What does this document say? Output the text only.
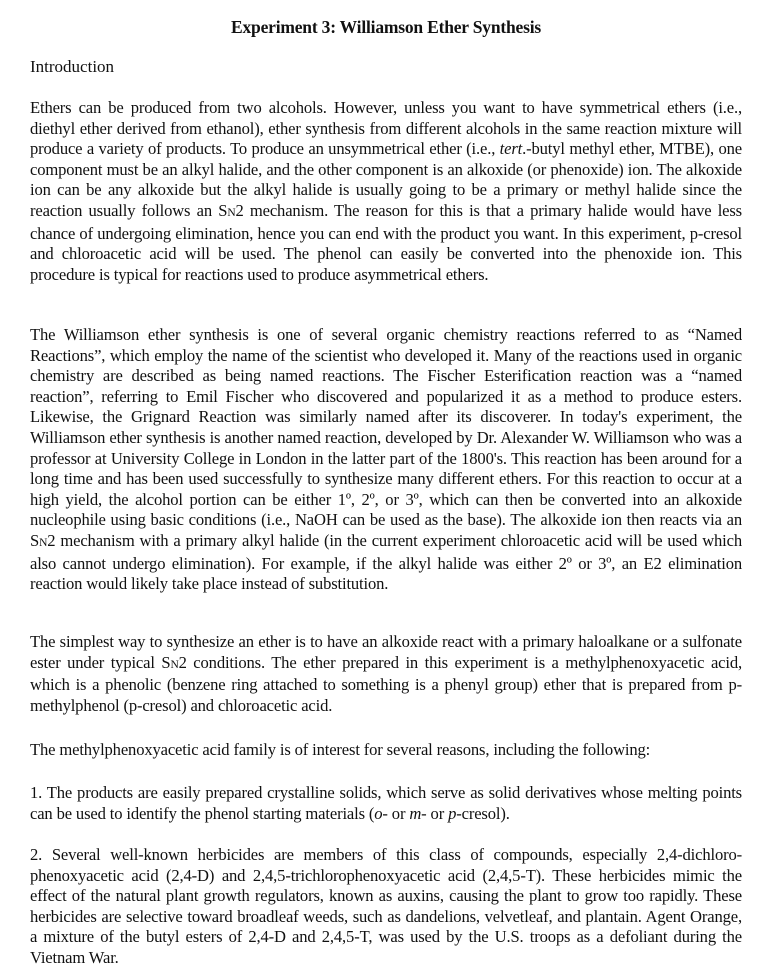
Experiment 3: Williamson Ether Synthesis
Introduction

Ethers can be produced from two alcohols. However, unless you want to have symmetrical ethers (i.e., diethyl ether derived from ethanol), ether synthesis from different alcohols in the same reaction mixture will produce a variety of products. To produce an unsymmetrical ether (i.e., tert.-butyl methyl ether, MTBE), one component must be an alkyl halide, and the other component is an alkoxide (or phenoxide) ion. The alkoxide ion can be any alkoxide but the alkyl halide is usually going to be a primary or methyl halide since the reaction usually follows an SN2 mechanism. The reason for this is that a primary halide would have less chance of undergoing elimination, hence you can end with the product you want. In this experiment, p-cresol and chloroacetic acid will be used. The phenol can easily be converted into the phenoxide ion. This procedure is typical for reactions used to produce asymmetrical ethers.

The Williamson ether synthesis is one of several organic chemistry reactions referred to as “Named Reactions”, which employ the name of the scientist who developed it. Many of the reactions used in organic chemistry are described as being named reactions. The Fischer Esterification reaction was a “named reaction”, referring to Emil Fischer who discovered and popularized it as a method to produce esters. Likewise, the Grignard Reaction was similarly named after its discoverer. In today's experiment, the Williamson ether synthesis is another named reaction, developed by Dr. Alexander W. Williamson who was a professor at University College in London in the latter part of the 1800's. This reaction has been around for a long time and has been used successfully to synthesize many different ethers. For this reaction to occur at a high yield, the alcohol portion can be either 1º, 2º, or 3º, which can then be converted into an alkoxide nucleophile using basic conditions (i.e., NaOH can be used as the base). The alkoxide ion then reacts via an SN2 mechanism with a primary alkyl halide (in the current experiment chloroacetic acid will be used which also cannot undergo elimination). For example, if the alkyl halide was either 2º or 3º, an E2 elimination reaction would likely take place instead of substitution.

The simplest way to synthesize an ether is to have an alkoxide react with a primary haloalkane or a sulfonate ester under typical SN2 conditions. The ether prepared in this experiment is a methylphenoxyacetic acid, which is a phenolic (benzene ring attached to something is a phenyl group) ether that is prepared from p-methylphenol (p-cresol) and chloroacetic acid.

The methylphenoxyacetic acid family is of interest for several reasons, including the following:

1. The products are easily prepared crystalline solids, which serve as solid derivatives whose melting points can be used to identify the phenol starting materials (o- or m- or p-cresol).

2. Several well-known herbicides are members of this class of compounds, especially 2,4-dichloro-phenoxyacetic acid (2,4-D) and 2,4,5-trichlorophenoxyacetic acid (2,4,5-T). These herbicides mimic the effect of the natural plant growth regulators, known as auxins, causing the plant to grow too rapidly. These herbicides are selective toward broadleaf weeds, such as dandelions, velvetleaf, and plantain. Agent Orange, a mixture of the butyl esters of 2,4-D and 2,4,5-T, was used by the U.S. troops as a defoliant during the Vietnam War.
